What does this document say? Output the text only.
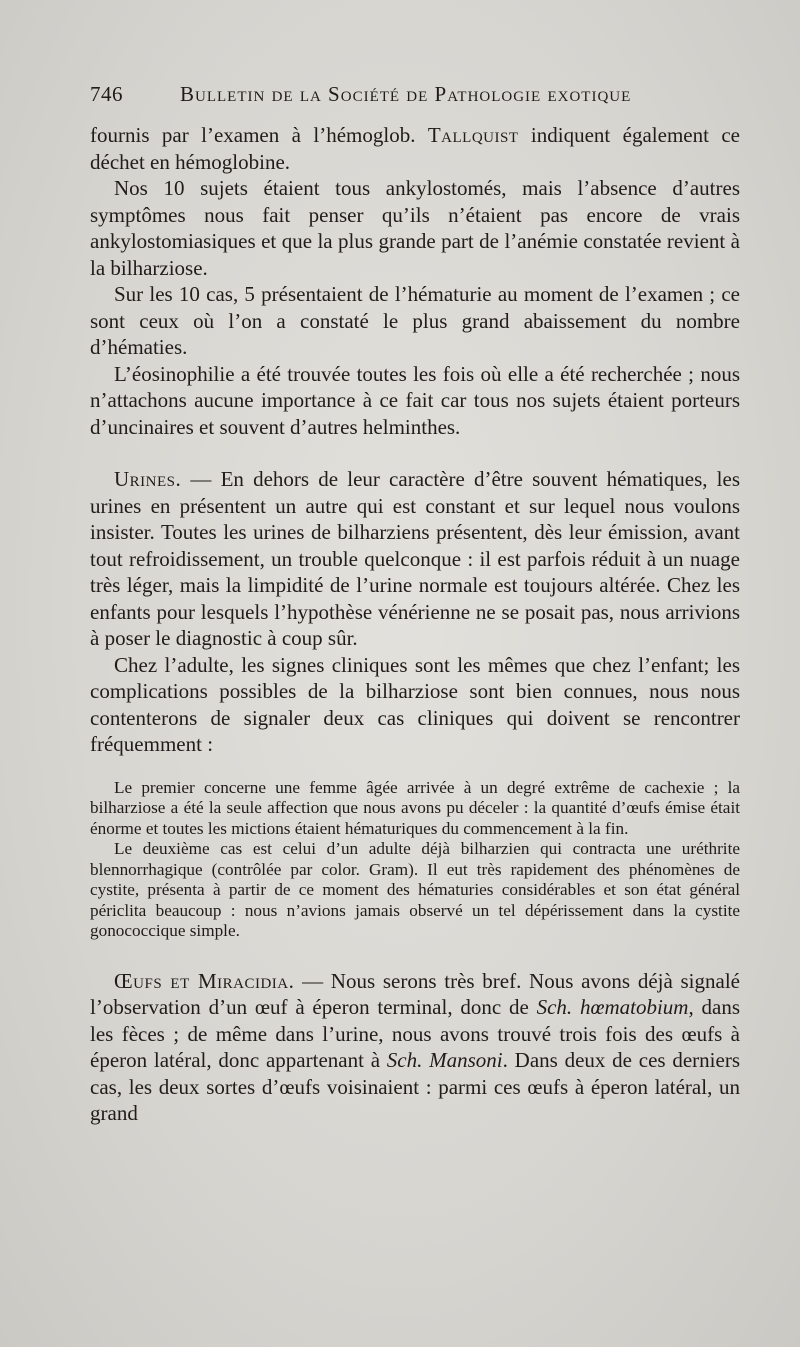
746	Bulletin de la Société de Pathologie exotique

fournis par l’examen à l’hémoglob. Tallquist indiquent également ce déchet en hémoglobine.

Nos 10 sujets étaient tous ankylostomés, mais l’absence d’autres symptômes nous fait penser qu’ils n’étaient pas encore de vrais ankylostomiasiques et que la plus grande part de l’anémie constatée revient à la bilharziose.

Sur les 10 cas, 5 présentaient de l’hématurie au moment de l’examen ; ce sont ceux où l’on a constaté le plus grand abaissement du nombre d’hématies.

L’éosinophilie a été trouvée toutes les fois où elle a été recherchée ; nous n’attachons aucune importance à ce fait car tous nos sujets étaient porteurs d’uncinaires et souvent d’autres helminthes.

Urines. — En dehors de leur caractère d’être souvent hématiques, les urines en présentent un autre qui est constant et sur lequel nous voulons insister. Toutes les urines de bilharziens présentent, dès leur émission, avant tout refroidissement, un trouble quelconque : il est parfois réduit à un nuage très léger, mais la limpidité de l’urine normale est toujours altérée. Chez les enfants pour lesquels l’hypothèse vénérienne ne se posait pas, nous arrivions à poser le diagnostic à coup sûr.

Chez l’adulte, les signes cliniques sont les mêmes que chez l’enfant; les complications possibles de la bilharziose sont bien connues, nous nous contenterons de signaler deux cas cliniques qui doivent se rencontrer fréquemment :

Le premier concerne une femme âgée arrivée à un degré extrême de cachexie ; la bilharziose a été la seule affection que nous avons pu déceler : la quantité d’œufs émise était énorme et toutes les mictions étaient hématuriques du commencement à la fin.

Le deuxième cas est celui d’un adulte déjà bilharzien qui contracta une uréthrite blennorrhagique (contrôlée par color. Gram). Il eut très rapidement des phénomènes de cystite, présenta à partir de ce moment des hématuries considérables et son état général périclita beaucoup : nous n’avions jamais observé un tel dépérissement dans la cystite gonococcique simple.

Œufs et Miracidia. — Nous serons très bref. Nous avons déjà signalé l’observation d’un œuf à éperon terminal, donc de Sch. hœmatobium, dans les fèces ; de même dans l’urine, nous avons trouvé trois fois des œufs à éperon latéral, donc appartenant à Sch. Mansoni. Dans deux de ces derniers cas, les deux sortes d’œufs voisinaient : parmi ces œufs à éperon latéral, un grand
